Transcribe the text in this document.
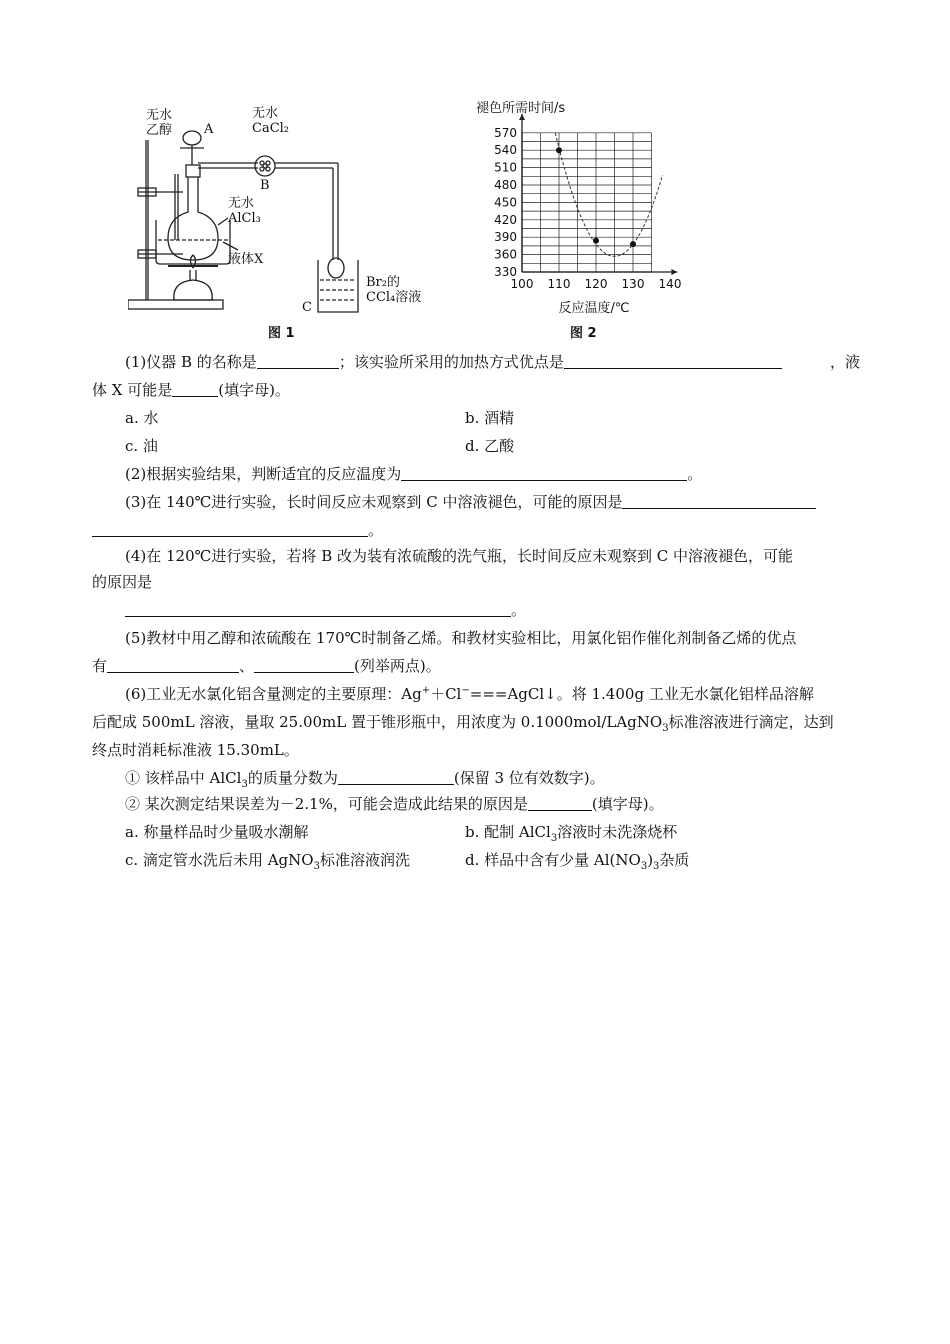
无水
乙醇 A
无水
CaCl₂
B
无水
AlCl₃
液体X
C
Br₂的
CCl₄溶液
图 1
100 110 120 130 140
330
360
390
420
450
480
510
540
570
褪色所需时间/s
反应温度/℃
图 2
(1)仪器 B 的名称是	；该实验所采用的加热方式优点是	，液
体 X 可能是	(填字母)。
a. 水	b. 酒精
c. 油	d. 乙酸
(2)根据实验结果，判断适宜的反应温度为	。
(3)在 140℃进行实验，长时间反应未观察到 C 中溶液褪色，可能的原因是
。
(4)在 120℃进行实验，若将 B 改为装有浓硫酸的洗气瓶，长时间反应未观察到 C 中溶液褪色，可能
的原因是
。
(5)教材中用乙醇和浓硫酸在 170℃时制备乙烯。和教材实验相比，用氯化铝作催化剂制备乙烯的优点
有	、	(列举两点)。
(6)工业无水氯化铝含量测定的主要原理：Ag+＋Cl−===AgCl↓。将 1.400g 工业无水氯化铝样品溶解
后配成 500mL 溶液，量取 25.00mL 置于锥形瓶中，用浓度为 0.1000mol/LAgNO$_3$标准溶液进行滴定，达到
终点时消耗标准液 15.30mL。
① 该样品中 AlCl$_3$的质量分数为	(保留 3 位有效数字)。
② 某次测定结果误差为－2.1%，可能会造成此结果的原因是	(填字母)。
a. 称量样品时少量吸水潮解	b. 配制 AlCl$_3$溶液时未洗涤烧杯
c. 滴定管水洗后未用 AgNO$_3$标准溶液润洗	d. 样品中含有少量 $Al(NO_3)_3$杂质
